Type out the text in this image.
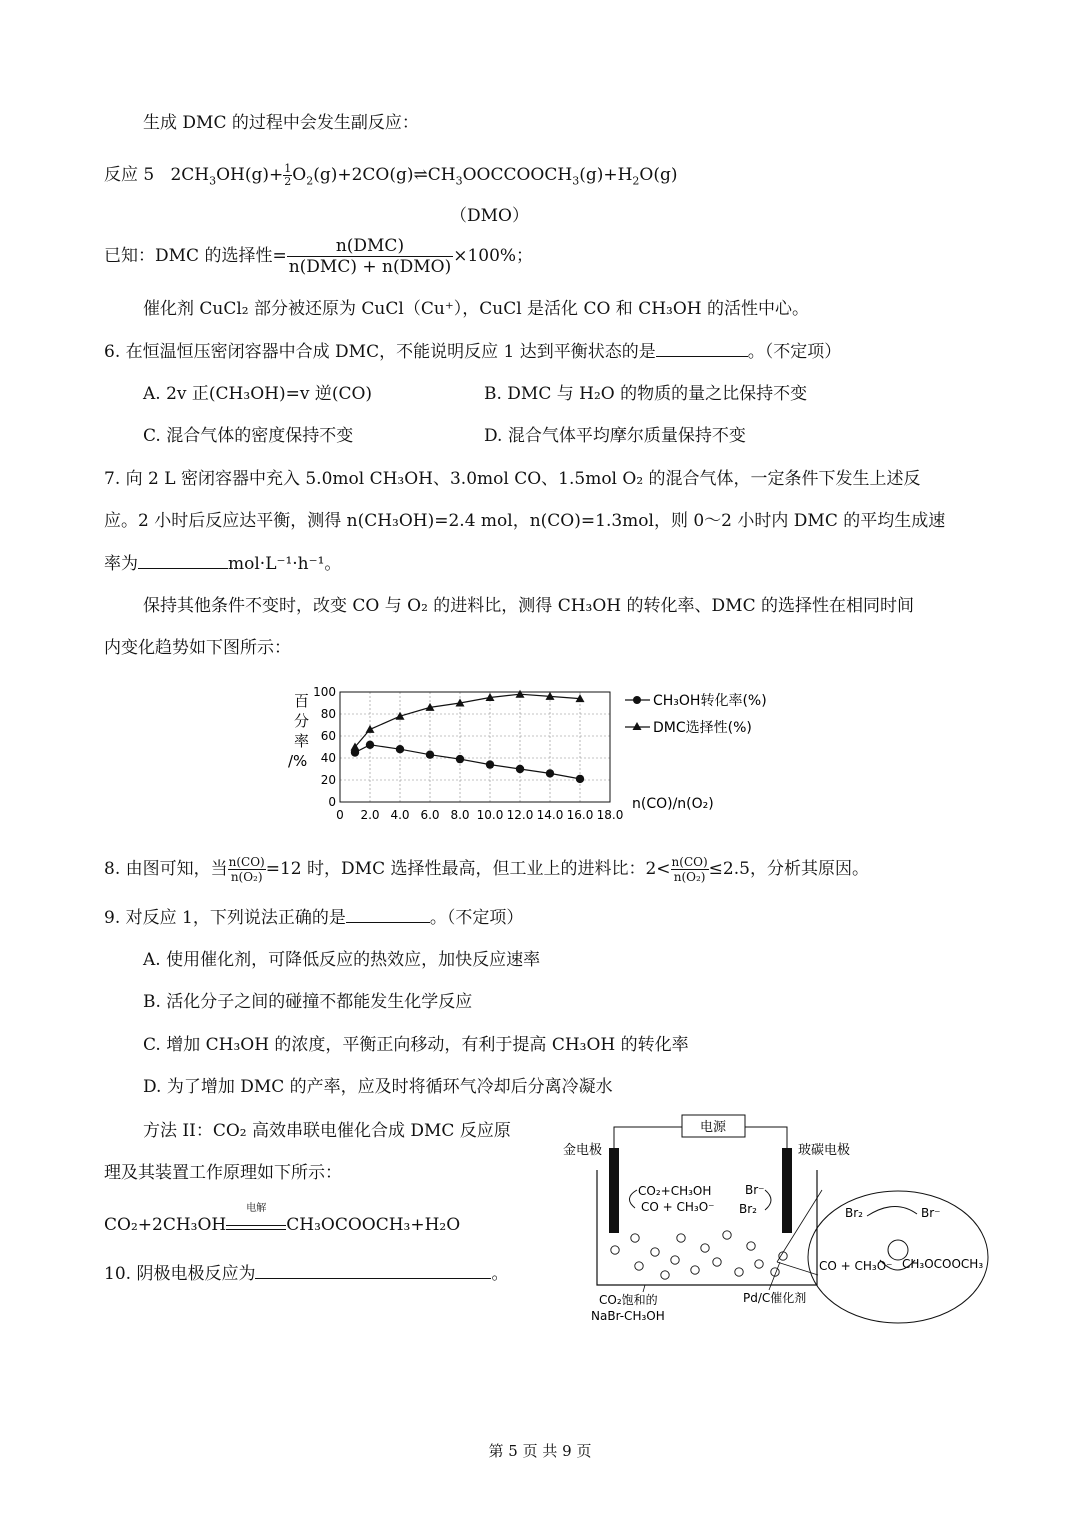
生成 DMC 的过程中会发生副反应：
反应 5 $2CH_3OH(g)+ \frac{1}{2}$ $O_2(g)+2CO(g)\rightleftharpoons CH_3OOCCOOCH_3(g)+H_2O(g)$
（DMO）
已知：DMC 的选择性= $\frac{\text{n(DMC)}}{\text{n(DMC) + n(DMO)}} \times 100\%$；
催化剂 CuCl₂ 部分被还原为 CuCl（Cu⁺），CuCl 是活化 CO 和 CH₃OH 的活性中心。
6. 在恒温恒压密闭容器中合成 DMC，不能说明反应 1 达到平衡状态的是	。（不定项）
A. 2v 正(CH₃OH)=v 逆(CO)	B. DMC 与 H₂O 的物质的量之比保持不变
C. 混合气体的密度保持不变	D. 混合气体平均摩尔质量保持不变
7. 向 2 L 密闭容器中充入 5.0mol CH₃OH、3.0mol CO、1.5mol O₂ 的混合气体，一定条件下发生上述反
应。2 小时后反应达平衡，测得 n(CH₃OH)=2.4 mol，n(CO)=1.3mol，则 0～2 小时内 DMC 的平均生成速
率为	mol·L⁻¹·h⁻¹。
保持其他条件不变时，改变 CO 与 O₂ 的进料比，测得 CH₃OH 的转化率、DMC 的选择性在相同时间
内变化趋势如下图所示：
0
20
40
60
80
100
0 2.0 4.0 6.0 8.0 10.0 12.0 14.0 16.0 18.0
百分率/%
n(CO)/n(O₂)
CH₃OH转化率(%)
DMC选择性(%)
8. 由图可知，当 $\frac{n(CO)}{\text{n(O₂)}} =12$ 时，DMC 选择性最高，但工业上的进料比：$2< \frac{n(CO)}{\text{n(O₂)}} \le 2.5$，分析其原因。
9. 对反应 1，下列说法正确的是	。（不定项）
A. 使用催化剂，可降低反应的热效应，加快反应速率
B. 活化分子之间的碰撞不都能发生化学反应
C. 增加 CH₃OH 的浓度，平衡正向移动，有利于提高 CH₃OH 的转化率
D. 为了增加 DMC 的产率，应及时将循环气冷却后分离冷凝水
方法 II：CO₂ 高效串联电催化合成 DMC 反应原
理及其装置工作原理如下所示：
CO₂+2CH₃OH
电解
CH₃OCOOCH₃+H₂O
10. 阴极电极反应为	。
电源
金电极	玻碳电极
CO₂+CH₃OH
CO + CH₃O⁻
Br⁻
Br₂	Br₂	Br⁻
CO + CH₃O⁻ CH₃OCOOCH₃
CO₂饱和的
NaBr-CH₃OH
Pd/C催化剂
第 5 页 共 9 页
